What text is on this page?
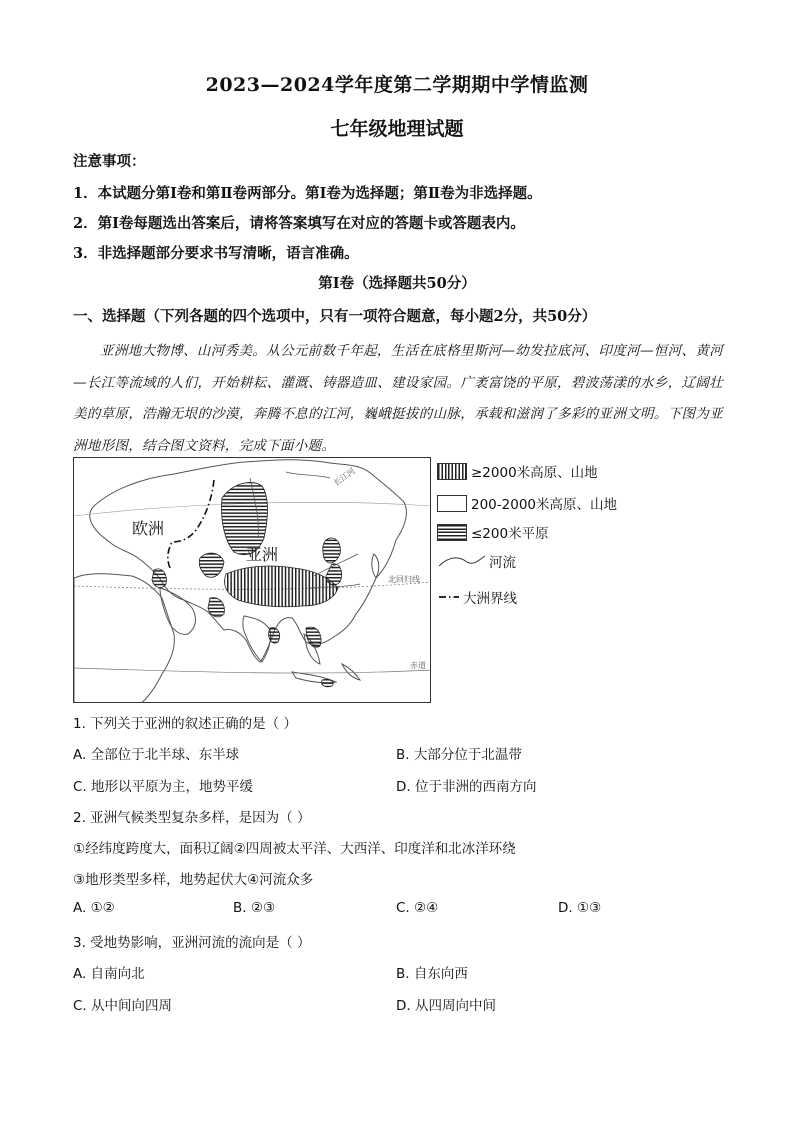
2023—2024学年度第二学期期中学情监测
七年级地理试题
注意事项：
1．本试题分第Ⅰ卷和第Ⅱ卷两部分。第Ⅰ卷为选择题；第Ⅱ卷为非选择题。
2．第Ⅰ卷每题选出答案后，请将答案填写在对应的答题卡或答题表内。
3．非选择题部分要求书写清晰，语言准确。
第Ⅰ卷（选择题共50分）
一、选择题（下列各题的四个选项中，只有一项符合题意，每小题2分，共50分）
亚洲地大物博、山河秀美。从公元前数千年起，生活在底格里斯河—幼发拉底河、印度河—恒河、黄河—长江等流域的人们，开始耕耘、灌溉、铸器造皿、建设家园。广袤富饶的平原，碧波荡漾的水乡，辽阔壮美的草原，浩瀚无垠的沙漠，奔腾不息的江河，巍峨挺拔的山脉，承载和滋润了多彩的亚洲文明。下图为亚洲地形图，结合图文资料，完成下面小题。
欧洲
亚洲
北回归线
赤道
长江河	≥2000米高原、山地
200-2000米高原、山地
≤200米平原
河流
大洲界线
1. 下列关于亚洲的叙述正确的是（ ）
A. 全部位于北半球、东半球	B. 大部分位于北温带
C. 地形以平原为主，地势平缓	D. 位于非洲的西南方向
2. 亚洲气候类型复杂多样，是因为（ ）
①经纬度跨度大，面积辽阔②四周被太平洋、大西洋、印度洋和北冰洋环绕
③地形类型多样，地势起伏大④河流众多
A. ①②	B. ②③	C. ②④	D. ①③
3. 受地势影响，亚洲河流的流向是（ ）
A. 自南向北	B. 自东向西
C. 从中间向四周	D. 从四周向中间
